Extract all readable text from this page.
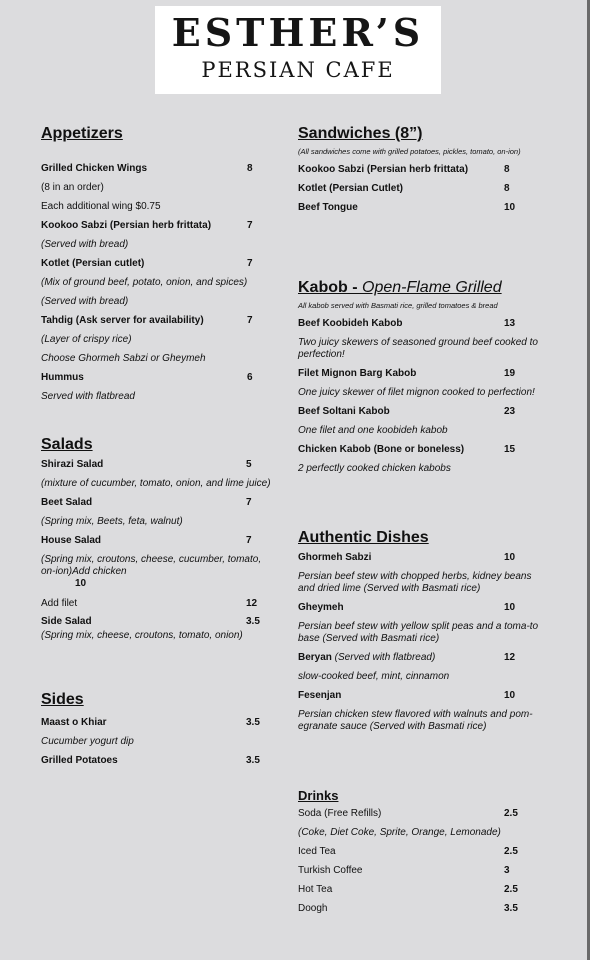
ESTHER’S
PERSIAN CAFE
Appetizers
Grilled Chicken Wings	8
(8 in an order)
Each additional wing $0.75
Kookoo Sabzi (Persian herb frittata)	7
(Served with bread)
Kotlet (Persian cutlet)	7
(Mix of ground beef, potato, onion, and spices)
(Served with bread)
Tahdig (Ask server for availability)	7
(Layer of crispy rice)
Choose Ghormeh Sabzi or Gheymeh
Hummus	6
Served with flatbread
Salads
Shirazi Salad	5
(mixture of cucumber, tomato, onion, and lime juice)
Beet Salad	7
(Spring mix, Beets, feta, walnut)
House Salad	7
(Spring mix, croutons, cheese, cucumber, tomato, on-ion)Add chicken
10
Add filet	12
Side Salad	3.5
(Spring mix, cheese, croutons, tomato, onion)
Sides
Maast o Khiar	3.5
Cucumber yogurt dip
Grilled Potatoes	3.5
Sandwiches (8”)
(All sandwiches come with grilled potatoes, pickles, tomato, on-ion)
Kookoo Sabzi (Persian herb frittata)	8
Kotlet (Persian Cutlet)	8
Beef Tongue	10
Kabob - Open-Flame Grilled
All kabob served with Basmati rice, grilled tomatoes & bread
Beef Koobideh Kabob	13
Two juicy skewers of seasoned ground beef cooked to perfection!
Filet Mignon Barg Kabob	19
One juicy skewer of filet mignon cooked to perfection!
Beef Soltani Kabob	23
One filet and one koobideh kabob
Chicken Kabob (Bone or boneless)	15
2 perfectly cooked chicken kabobs
Authentic Dishes
Ghormeh Sabzi	10
Persian beef stew with chopped herbs, kidney beans and dried lime (Served with Basmati rice)
Gheymeh	10
Persian beef stew with yellow split peas and a toma-to base (Served with Basmati rice)
Beryan (Served with flatbread)	12
slow-cooked beef, mint, cinnamon
Fesenjan	10
Persian chicken stew flavored with walnuts and pom-egranate sauce (Served with Basmati rice)
Drinks
Soda (Free Refills)	2.5
(Coke, Diet Coke, Sprite, Orange, Lemonade)
Iced Tea	2.5
Turkish Coffee	3
Hot Tea	2.5
Doogh	3.5
